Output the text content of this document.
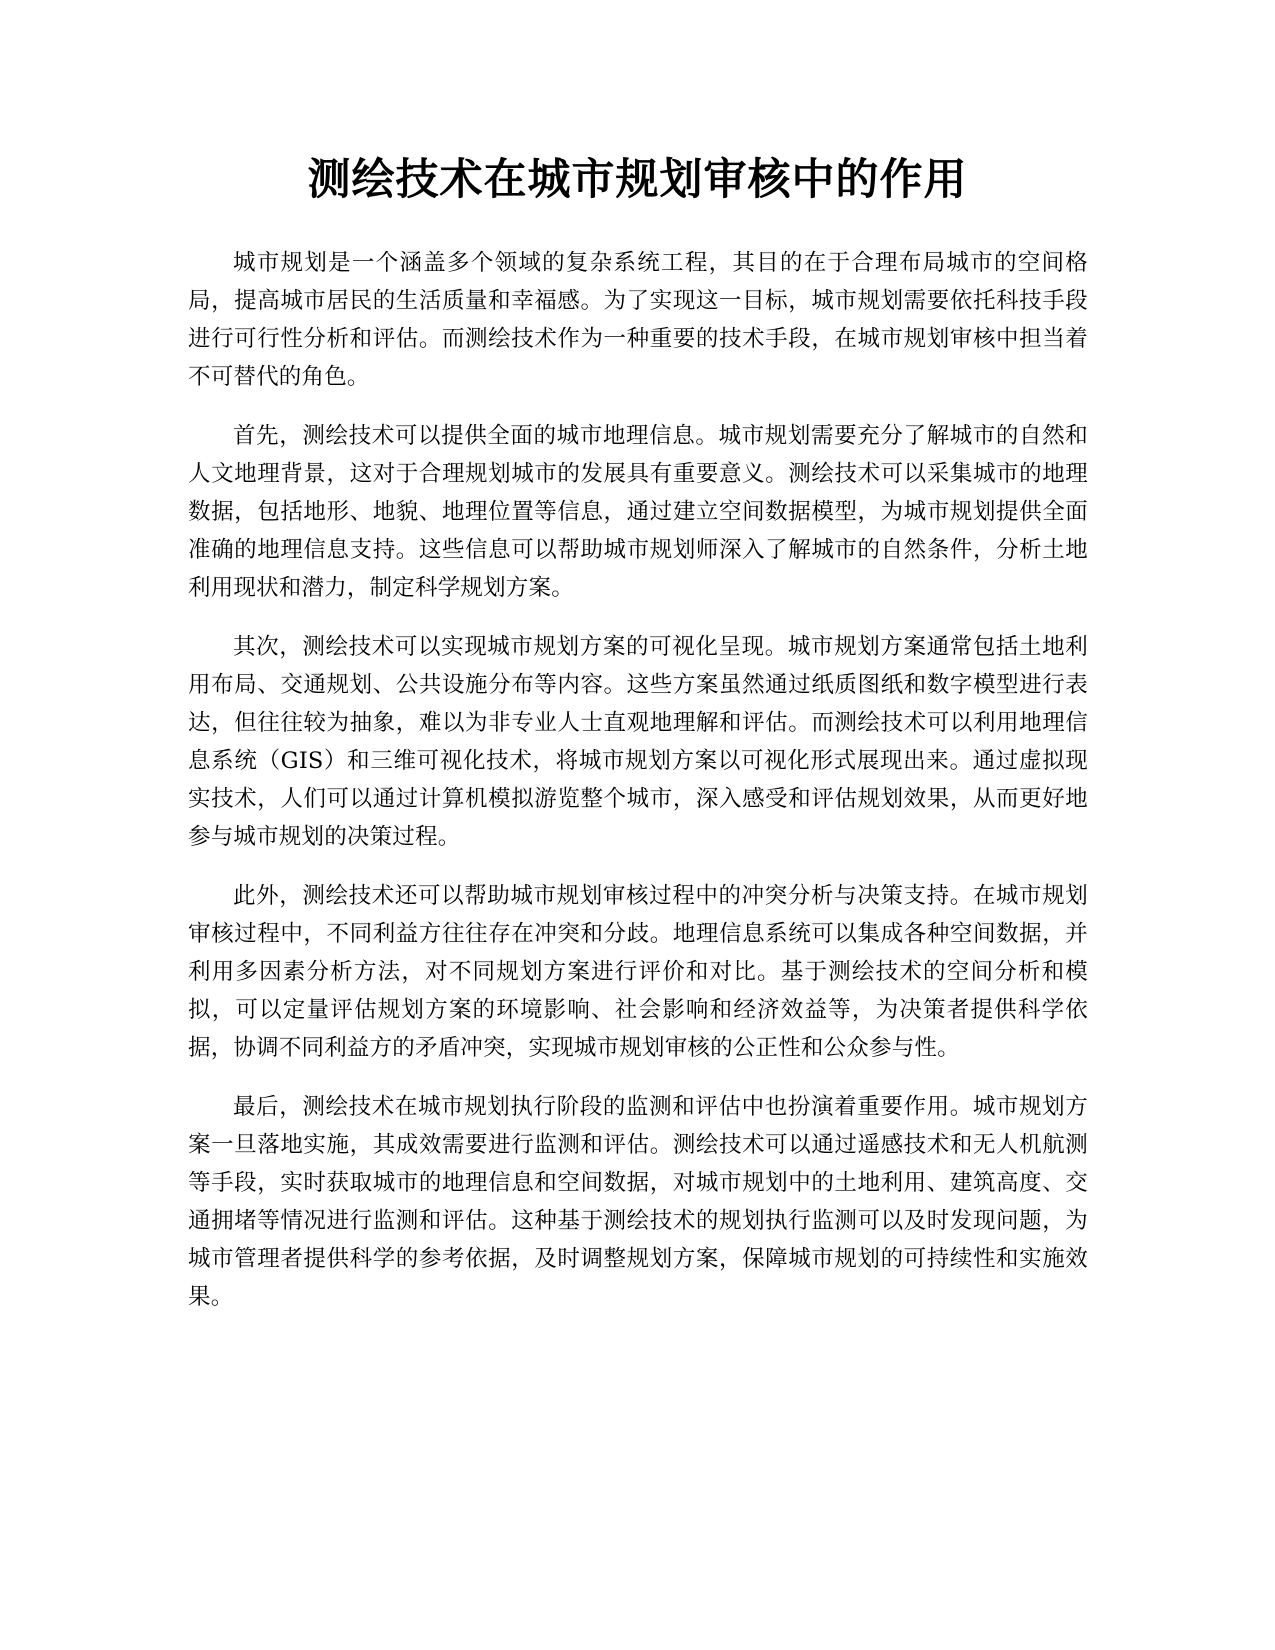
测绘技术在城市规划审核中的作用

城市规划是一个涵盖多个领域的复杂系统工程，其目的在于合理布局城市的空间格局，提高城市居民的生活质量和幸福感。为了实现这一目标，城市规划需要依托科技手段进行可行性分析和评估。而测绘技术作为一种重要的技术手段，在城市规划审核中担当着不可替代的角色。

首先，测绘技术可以提供全面的城市地理信息。城市规划需要充分了解城市的自然和人文地理背景，这对于合理规划城市的发展具有重要意义。测绘技术可以采集城市的地理数据，包括地形、地貌、地理位置等信息，通过建立空间数据模型，为城市规划提供全面准确的地理信息支持。这些信息可以帮助城市规划师深入了解城市的自然条件，分析土地利用现状和潜力，制定科学规划方案。

其次，测绘技术可以实现城市规划方案的可视化呈现。城市规划方案通常包括土地利用布局、交通规划、公共设施分布等内容。这些方案虽然通过纸质图纸和数字模型进行表达，但往往较为抽象，难以为非专业人士直观地理解和评估。而测绘技术可以利用地理信息系统（GIS）和三维可视化技术，将城市规划方案以可视化形式展现出来。通过虚拟现实技术，人们可以通过计算机模拟游览整个城市，深入感受和评估规划效果，从而更好地参与城市规划的决策过程。

此外，测绘技术还可以帮助城市规划审核过程中的冲突分析与决策支持。在城市规划审核过程中，不同利益方往往存在冲突和分歧。地理信息系统可以集成各种空间数据，并利用多因素分析方法，对不同规划方案进行评价和对比。基于测绘技术的空间分析和模拟，可以定量评估规划方案的环境影响、社会影响和经济效益等，为决策者提供科学依据，协调不同利益方的矛盾冲突，实现城市规划审核的公正性和公众参与性。

最后，测绘技术在城市规划执行阶段的监测和评估中也扮演着重要作用。城市规划方案一旦落地实施，其成效需要进行监测和评估。测绘技术可以通过遥感技术和无人机航测等手段，实时获取城市的地理信息和空间数据，对城市规划中的土地利用、建筑高度、交通拥堵等情况进行监测和评估。这种基于测绘技术的规划执行监测可以及时发现问题，为城市管理者提供科学的参考依据，及时调整规划方案，保障城市规划的可持续性和实施效果。
